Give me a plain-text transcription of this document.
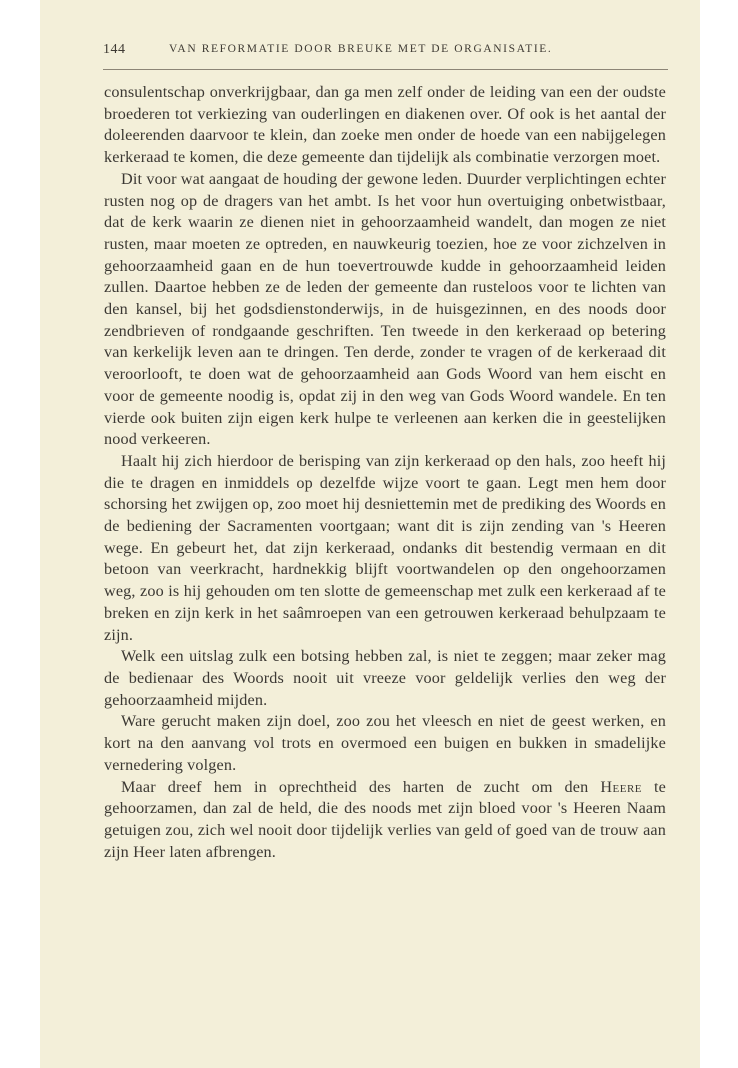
144	VAN REFORMATIE DOOR BREUKE MET DE ORGANISATIE.

consulentschap onverkrijgbaar, dan ga men zelf onder de leiding van een der oudste broederen tot verkiezing van ouderlingen en diakenen over. Of ook is het aantal der doleerenden daarvoor te klein, dan zoeke men onder de hoede van een nabijgelegen kerkeraad te komen, die deze gemeente dan tijdelijk als combinatie verzorgen moet.

Dit voor wat aangaat de houding der gewone leden. Duurder verplichtingen echter rusten nog op de dragers van het ambt. Is het voor hun overtuiging onbetwistbaar, dat de kerk waarin ze dienen niet in gehoorzaamheid wandelt, dan mogen ze niet rusten, maar moeten ze optreden, en nauwkeurig toezien, hoe ze voor zichzelven in gehoorzaamheid gaan en de hun toevertrouwde kudde in gehoorzaamheid leiden zullen. Daartoe hebben ze de leden der gemeente dan rusteloos voor te lichten van den kansel, bij het godsdienstonderwijs, in de huisgezinnen, en des noods door zendbrieven of rondgaande geschriften. Ten tweede in den kerkeraad op betering van kerkelijk leven aan te dringen. Ten derde, zonder te vragen of de kerkeraad dit veroorlooft, te doen wat de gehoorzaamheid aan Gods Woord van hem eischt en voor de gemeente noodig is, opdat zij in den weg van Gods Woord wandele. En ten vierde ook buiten zijn eigen kerk hulpe te verleenen aan kerken die in geestelijken nood verkeeren.

Haalt hij zich hierdoor de berisping van zijn kerkeraad op den hals, zoo heeft hij die te dragen en inmiddels op dezelfde wijze voort te gaan. Legt men hem door schorsing het zwijgen op, zoo moet hij desniettemin met de prediking des Woords en de bediening der Sacramenten voortgaan; want dit is zijn zending van 's Heeren wege. En gebeurt het, dat zijn kerkeraad, ondanks dit bestendig vermaan en dit betoon van veerkracht, hardnekkig blijft voortwandelen op den ongehoorzamen weg, zoo is hij gehouden om ten slotte de gemeenschap met zulk een kerkeraad af te breken en zijn kerk in het saâmroepen van een getrouwen kerkeraad behulpzaam te zijn.

Welk een uitslag zulk een botsing hebben zal, is niet te zeggen; maar zeker mag de bedienaar des Woords nooit uit vreeze voor geldelijk verlies den weg der gehoorzaamheid mijden.

Ware gerucht maken zijn doel, zoo zou het vleesch en niet de geest werken, en kort na den aanvang vol trots en overmoed een buigen en bukken in smadelijke vernedering volgen.

Maar dreef hem in oprechtheid des harten de zucht om den Heere te gehoorzamen, dan zal de held, die des noods met zijn bloed voor 's Heeren Naam getuigen zou, zich wel nooit door tijdelijk verlies van geld of goed van de trouw aan zijn Heer laten afbrengen.
